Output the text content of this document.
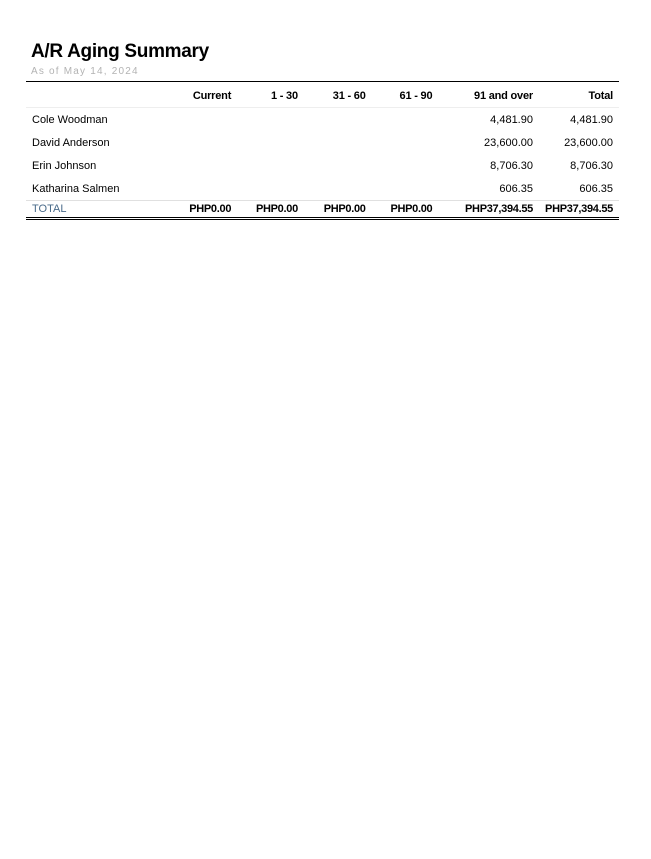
A/R Aging Summary
As of May 14, 2024
	Current	1 - 30	31 - 60	61 - 90	91 and over	Total
Cole Woodman					4,481.90	4,481.90
David Anderson					23,600.00	23,600.00
Erin Johnson					8,706.30	8,706.30
Katharina Salmen					606.35	606.35
TOTAL	PHP0.00	PHP0.00	PHP0.00	PHP0.00	PHP37,394.55	PHP37,394.55
